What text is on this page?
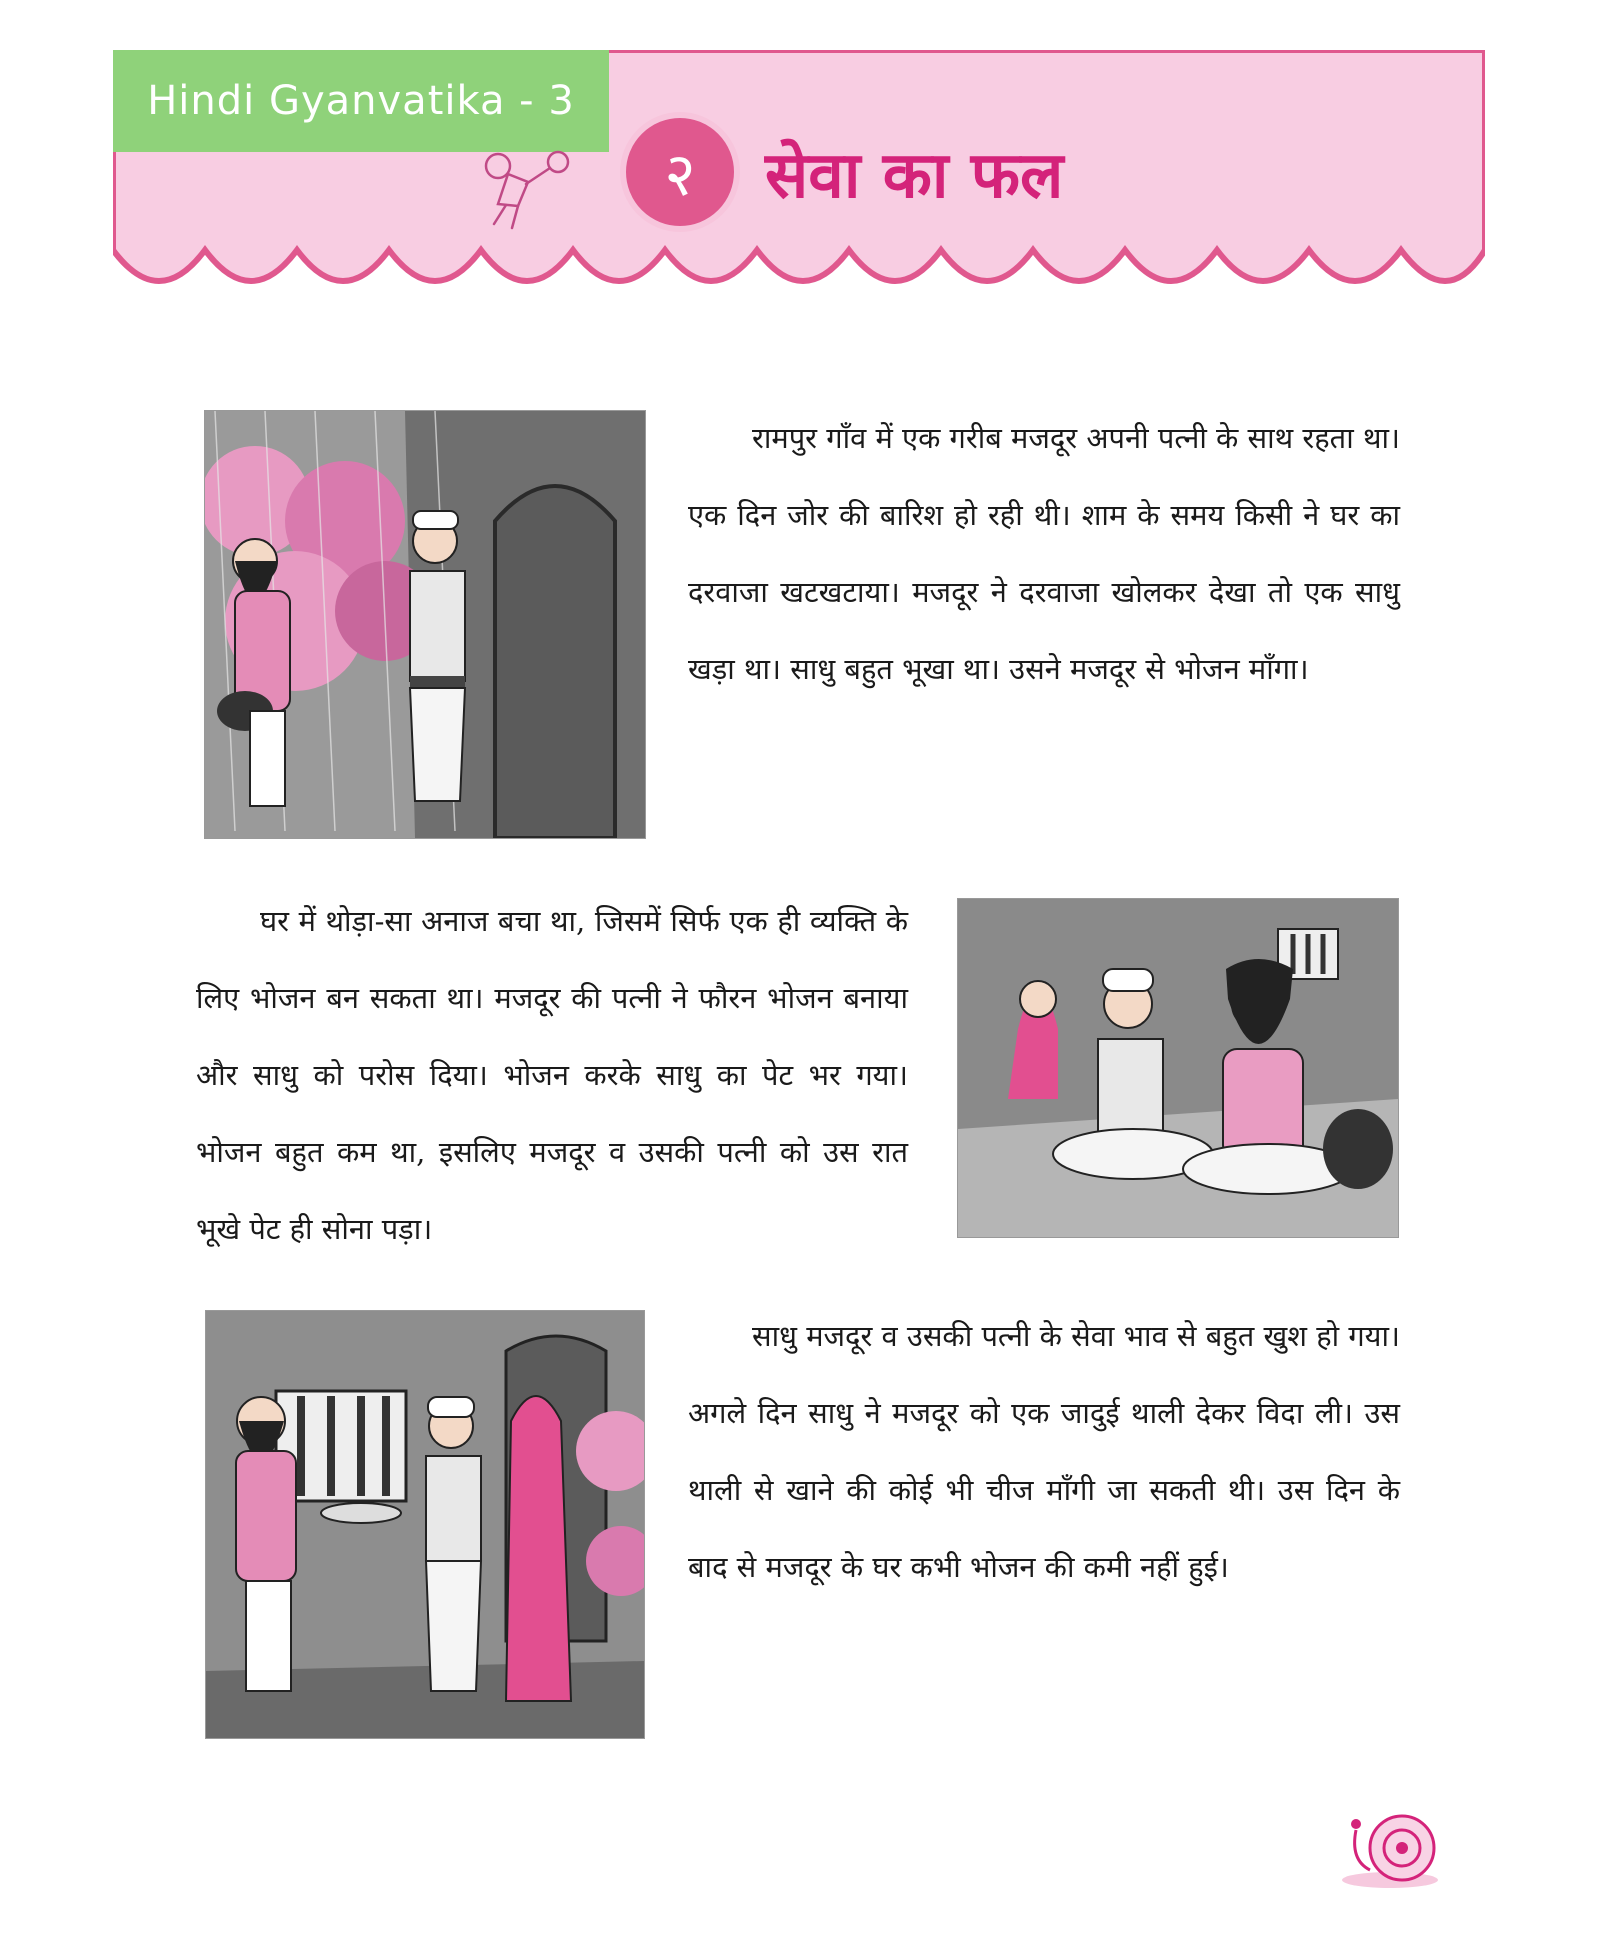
Hindi Gyanvatika - 3
२	सेवा का फल
रामपुर गाँव में एक गरीब मजदूर अपनी पत्नी के साथ रहता था। एक दिन जोर की बारिश हो रही थी। शाम के समय किसी ने घर का दरवाजा खटखटाया। मजदूर ने दरवाजा खोलकर देखा तो एक साधु खड़ा था। साधु बहुत भूखा था। उसने मजदूर से भोजन माँगा।
घर में थोड़ा-सा अनाज बचा था, जिसमें सिर्फ एक ही व्यक्ति के लिए भोजन बन सकता था। मजदूर की पत्नी ने फौरन भोजन बनाया और साधु को परोस दिया। भोजन करके साधु का पेट भर गया। भोजन बहुत कम था, इसलिए मजदूर व उसकी पत्नी को उस रात भूखे पेट ही सोना पड़ा।
साधु मजदूर व उसकी पत्नी के सेवा भाव से बहुत खुश हो गया। अगले दिन साधु ने मजदूर को एक जादुई थाली देकर विदा ली। उस थाली से खाने की कोई भी चीज माँगी जा सकती थी। उस दिन के बाद से मजदूर के घर कभी भोजन की कमी नहीं हुई।
